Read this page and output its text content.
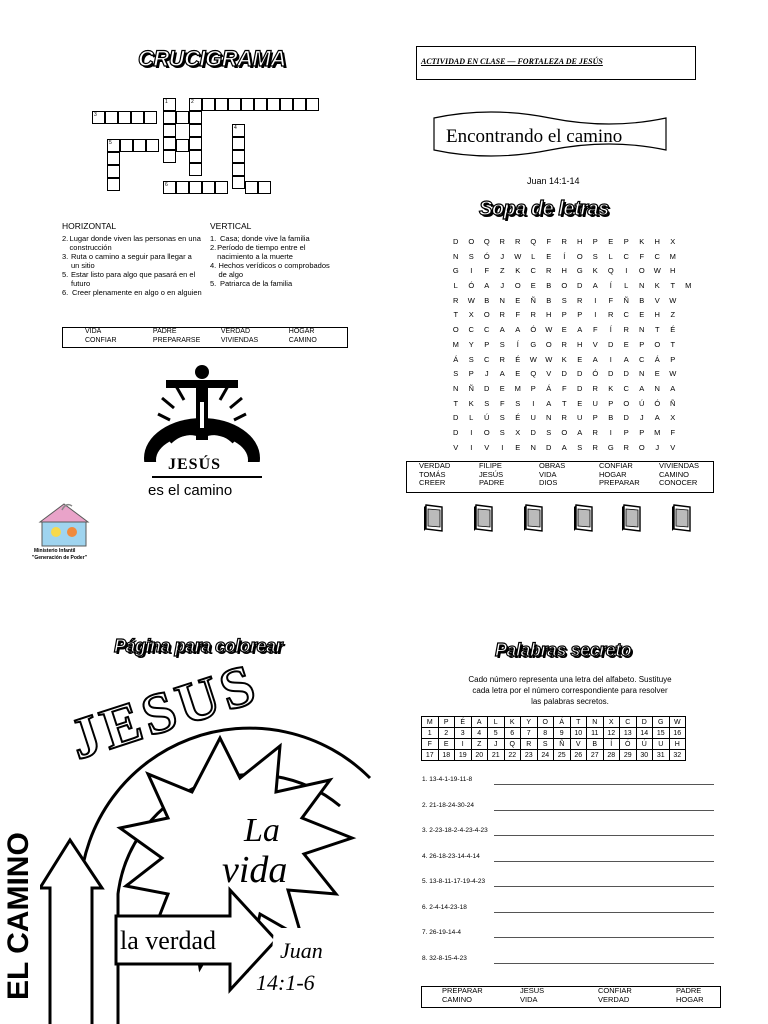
CRUCIGRAMA
1	2
3
4
5
6
HORIZONTAL
2. Lugar donde viven las personas en una construcción
3. Ruta o camino a seguir para llegar a un sitio
5. Estar listo para algo que pasará en el futuro
6. Creer plenamente en algo o en alguien
VERTICAL
1. Casa; donde vive la familia
2. Período de tiempo entre el nacimiento a la muerte
4. Hechos verídicos o comprobados de algo
5. Patriarca de la familia
VIDA	PADRE	VERDAD	HOGAR
CONFIAR	PREPARARSE	VIVIENDAS	CAMINO
JESÚS
es el camino
Ministerio Infantil
"Generación de Poder"
ACTIVIDAD EN CLASE — FORTALEZA DE JESÚS
Encontrando el camino
Juan 14:1-14
Sopa de letras
D	O	Q	R	R	Q	F	R	H	P	E	P	K	H	X
N	S	Ó	J	W	L	E	Í	O	S	L	C	F	C	M
G	I	F	Z	K	C	R	H	G	K	Q	I	O	W	H
L	Ó	A	J	O	E	B	O	D	A	Í	L	N	K	T	M
R	W	B	N	E	Ñ	B	S	R	I	F	Ñ	B	V	W
T	X	O	R	F	R	H	P	P	I	R	C	E	H	Z
O	C	C	A	A	Ó	W	E	A	F	Í	R	N	T	É
M	Y	P	S	Í	G	O	R	H	V	D	E	P	O	T
Á	S	C	R	É	W	W	K	E	A	I	A	C	Á	P
S	P	J	A	E	Q	V	D	D	Ó	D	D	N	E	W
N	Ñ	D	E	M	P	Á	F	D	R	K	C	A	N	A
T	K	S	F	S	I	A	T	E	U	P	O	Ú	Ó	Ñ
D	L	Ú	S	É	U	N	R	U	P	B	D	J	A	X
D	I	O	S	X	D	S	O	A	R	I	P	P	M	F
V	I	V	I	E	N	D	A	S	R	G	R	O	J	V
VERDAD	FILIPE	OBRAS	CONFIAR	VIVIENDAS
TOMÁS	JESÚS	VIDA	HOGAR	CAMINO
CREER	PADRE	DIOS	PREPARAR	CONOCER
Página para colorear
JESUS
EL CAMINO
La
vida
la verdad	Juan
14:1-6
Palabras secreto
Cado número representa una letra del alfabeto. Sustituye
cada letra por el número correspondiente para resolver
las palabras secretos.
M	P	É	A	L	K	Y	O	Á	T	N	X	C	D	G	W
1	2	3	4	5	6	7	8	9	10	11	12	13	14	15	16
F	E	I	Z	J	Q	R	S	Ñ	V	B	Í	Ó	Ú	U	H
17	18	19	20	21	22	23	24	25	26	27	28	29	30	31	32
1. 13-4-1-19-11-8
2. 21-18-24-30-24
3. 2-23-18-2-4-23-4-23
4. 26-18-23-14-4-14
5. 13-8-11-17-19-4-23
6. 2-4-14-23-18
7. 26-19-14-4
8. 32-8-15-4-23
PREPARAR	JESUS	CONFIAR	PADRE
CAMINO	VIDA	VERDAD	HOGAR
